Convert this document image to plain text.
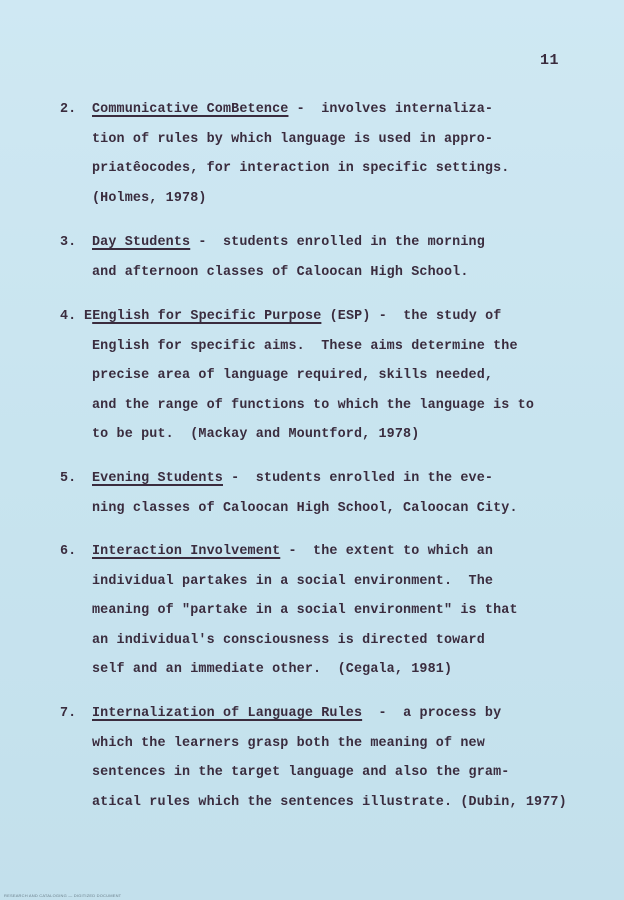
11
2. Communicative ComBetence -  involves internaliza-
tion of rules by which language is used in appro-
priatêocodes, for interaction in specific settings.
(Holmes, 1978)
3. Day Students -  students enrolled in the morning
and afternoon classes of Caloocan High School.
4. EEnglish for Specific Purpose (ESP) -  the study of
English for specific aims.  These aims determine the
precise area of language required, skills needed,
and the range of functions to which the language is to
to be put.  (Mackay and Mountford, 1978)
5. Evening Students -  students enrolled in the eve-
ning classes of Caloocan High School, Caloocan City.
6. Interaction Involvement -  the extent to which an
individual partakes in a social environment.  The
meaning of "partake in a social environment" is that
an individual's consciousness is directed toward
self and an immediate other.  (Cegala, 1981)
7. Internalization of Language Rules  -  a process by
which the learners grasp both the meaning of new
sentences in the target language and also the gram-
atical rules which the sentences illustrate. (Dubin, 1977)
RESEARCH AND CATALOGING — DIGITIZED DOCUMENT
